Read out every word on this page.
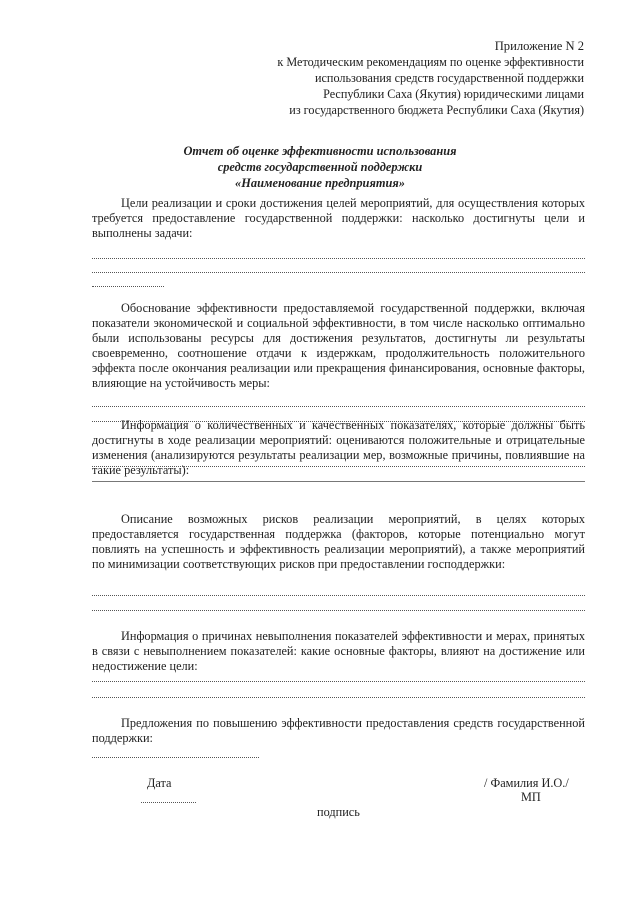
Приложение N 2
к Методическим рекомендациям по оценке эффективности
использования средств государственной поддержки
Республики Саха (Якутия) юридическими лицами
из государственного бюджета Республики Саха (Якутия)
Отчет об оценке эффективности использования
средств государственной поддержки
«Наименование предприятия»
Цели реализации и сроки достижения целей мероприятий, для осуществления которых требуется предоставление государственной поддержки: насколько достигнуты цели и выполнены задачи:
Обоснование эффективности предоставляемой государственной поддержки, включая показатели экономической и социальной эффективности, в том числе насколько оптимально были использованы ресурсы для достижения результатов, достигнуты ли результаты своевременно, соотношение отдачи к издержкам, продолжительность положительного эффекта после окончания реализации или прекращения финансирования, основные факторы, влияющие на устойчивость меры:
Информация о количественных и качественных показателях, которые должны быть достигнуты в ходе реализации мероприятий: оцениваются положительные и отрицательные изменения (анализируются результаты реализации мер, возможные причины, повлиявшие на такие результаты):
Описание возможных рисков реализации мероприятий, в целях которых предоставляется государственная поддержка (факторов, которые потенциально могут повлиять на успешность и эффективность реализации мероприятий), а также мероприятий по минимизации соответствующих рисков при предоставлении господдержки:
Информация о причинах невыполнения показателей эффективности и мерах, принятых в связи с невыполнением показателей: какие основные факторы, влияют на достижение или недостижение цели:
Предложения по повышению эффективности предоставления средств государственной поддержки:
Дата	/ Фамилия И.О./
МП
подпись
